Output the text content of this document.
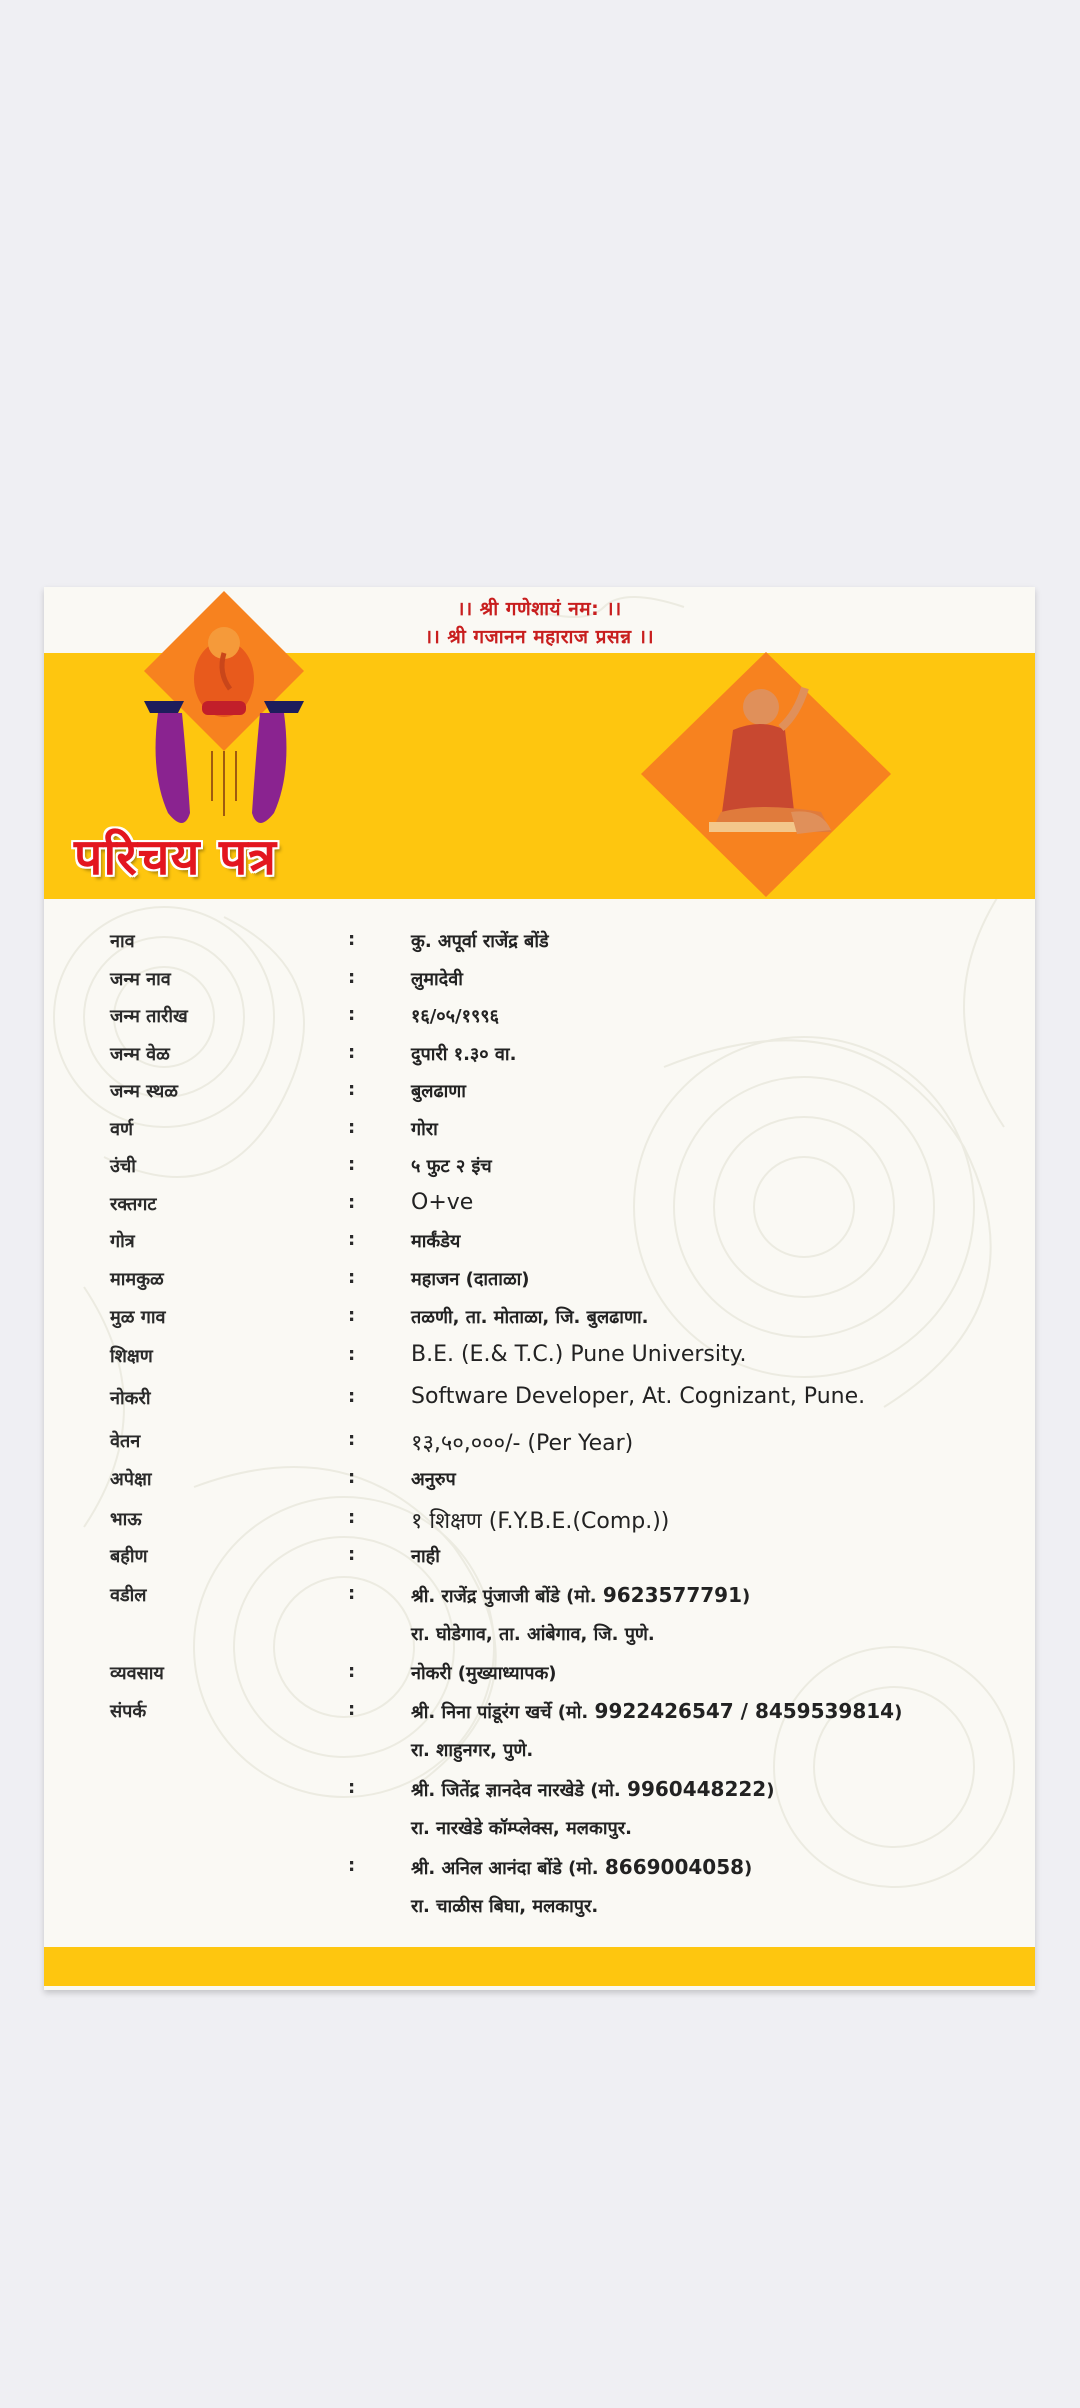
।। श्री गणेशायं नम: ।।
।। श्री गजानन महाराज प्रसन्न ।।
परिचय पत्र
नाव	:	कु. अपूर्वा राजेंद्र बोंडे
जन्म नाव	:	लुमादेवी
जन्म तारीख	:	१६/०५/१९९६
जन्म वेळ	:	दुपारी १.३० वा.
जन्म स्थळ	:	बुलढाणा
वर्ण	:	गोरा
उंची	:	५ फुट २ इंच
रक्तगट	:	O+ve
गोत्र	:	मार्कंडेय
मामकुळ	:	महाजन (दाताळा)
मुळ गाव	:	तळणी, ता. मोताळा, जि. बुलढाणा.
शिक्षण	:	B.E. (E.& T.C.) Pune University.
नोकरी	:	Software Developer, At. Cognizant, Pune.
वेतन	:	१३,५०,०००/- (Per Year)
अपेक्षा	:	अनुरुप
भाऊ	:	१ शिक्षण (F.Y.B.E.(Comp.))
बहीण	:	नाही
वडील	:	श्री. राजेंद्र पुंजाजी बोंडे (मो. 9623577791)
रा. घोडेगाव, ता. आंबेगाव, जि. पुणे.
व्यवसाय	:	नोकरी (मुख्याध्यापक)
संपर्क	:	श्री. निना पांडूरंग खर्चे (मो. 9922426547 / 8459539814)
रा. शाहुनगर, पुणे.
:	श्री. जितेंद्र ज्ञानदेव नारखेडे (मो. 9960448222)
रा. नारखेडे कॉम्प्लेक्स, मलकापुर.
:	श्री. अनिल आनंदा बोंडे (मो. 8669004058)
रा. चाळीस बिघा, मलकापुर.
